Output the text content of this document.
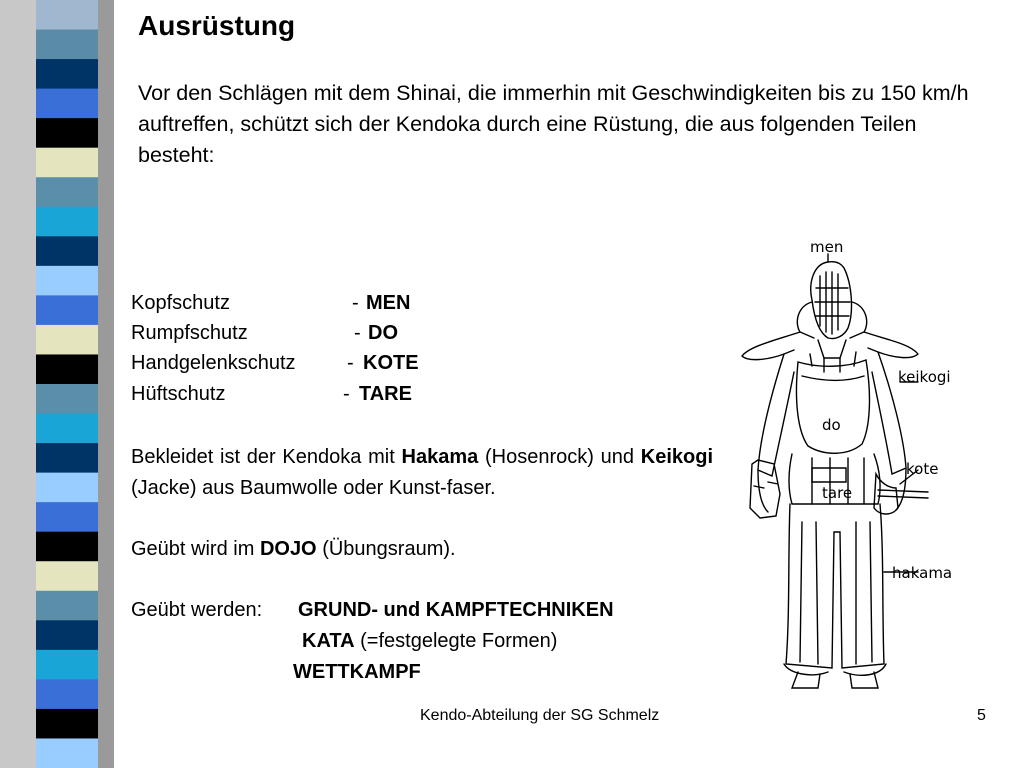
Ausrüstung
Vor den Schlägen mit dem Shinai, die immerhin mit Geschwindigkeiten bis zu 150 km/h auftreffen, schützt sich der Kendoka durch eine Rüstung, die aus folgenden Teilen besteht:
Kopfschutz	- MEN
Rumpfschutz	- DO
Handgelenkschutz	- KOTE
Hüftschutz	- TARE
Bekleidet ist der Kendoka mit Hakama (Hosenrock) und Keikogi (Jacke) aus Baumwolle oder Kunst-faser.
Geübt wird im DOJO (Übungsraum).
Geübt werden: GRUND- und KAMPFTECHNIKEN
KATA (=festgelegte Formen)
WETTKAMPF
do
tare
men
keikogi
kote
hakama
Kendo-Abteilung der SG Schmelz	5
